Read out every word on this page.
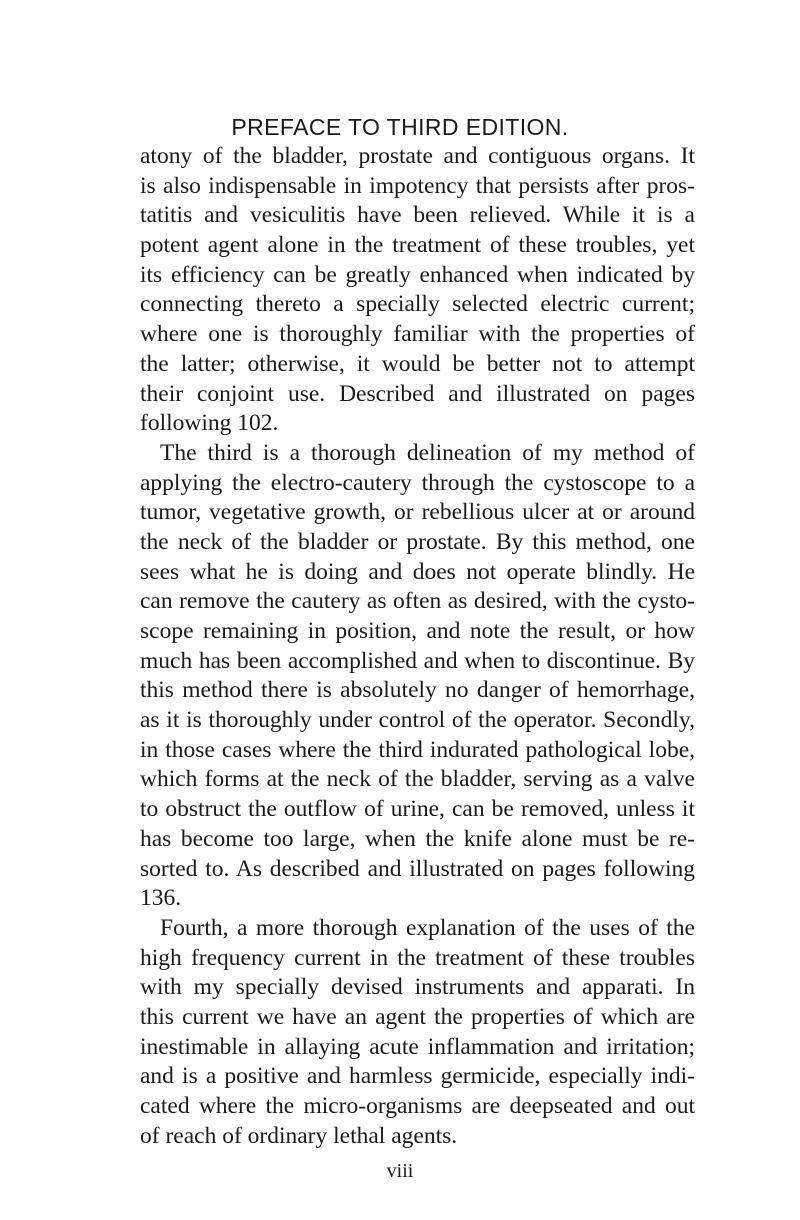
PREFACE TO THIRD EDITION.
atony of the bladder, prostate and contiguous organs. It
is also indispensable in impotency that persists after pros-
tatitis and vesiculitis have been relieved. While it is a
potent agent alone in the treatment of these troubles, yet
its efficiency can be greatly enhanced when indicated by
connecting thereto a specially selected electric current;
where one is thoroughly familiar with the properties of
the latter; otherwise, it would be better not to attempt
their conjoint use. Described and illustrated on pages
following 102.
The third is a thorough delineation of my method of
applying the electro-cautery through the cystoscope to a
tumor, vegetative growth, or rebellious ulcer at or around
the neck of the bladder or prostate. By this method, one
sees what he is doing and does not operate blindly. He
can remove the cautery as often as desired, with the cysto-
scope remaining in position, and note the result, or how
much has been accomplished and when to discontinue. By
this method there is absolutely no danger of hemorrhage,
as it is thoroughly under control of the operator. Secondly,
in those cases where the third indurated pathological lobe,
which forms at the neck of the bladder, serving as a valve
to obstruct the outflow of urine, can be removed, unless it
has become too large, when the knife alone must be re-
sorted to. As described and illustrated on pages following
136.
Fourth, a more thorough explanation of the uses of the
high frequency current in the treatment of these troubles
with my specially devised instruments and apparati. In
this current we have an agent the properties of which are
inestimable in allaying acute inflammation and irritation;
and is a positive and harmless germicide, especially indi-
cated where the micro-organisms are deepseated and out
of reach of ordinary lethal agents.
viii
